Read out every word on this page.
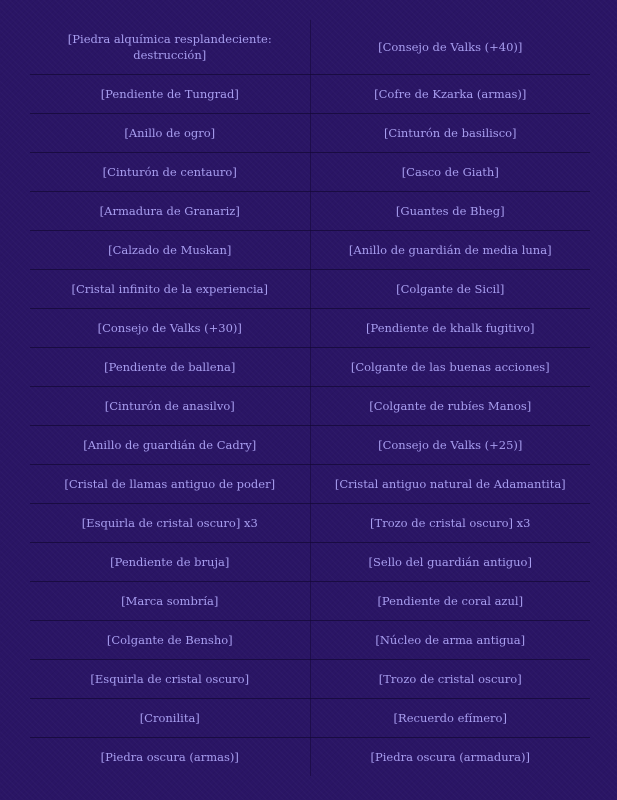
[Piedra alquímica resplandeciente: destrucción]	[Consejo de Valks (+40)]
[Pendiente de Tungrad]	[Cofre de Kzarka (armas)]
[Anillo de ogro]	[Cinturón de basilisco]
[Cinturón de centauro]	[Casco de Giath]
[Armadura de Granariz]	[Guantes de Bheg]
[Calzado de Muskan]	[Anillo de guardián de media luna]
[Cristal infinito de la experiencia]	[Colgante de Sicil]
[Consejo de Valks (+30)]	[Pendiente de khalk fugitivo]
[Pendiente de ballena]	[Colgante de las buenas acciones]
[Cinturón de anasilvo]	[Colgante de rubíes Manos]
[Anillo de guardián de Cadry]	[Consejo de Valks (+25)]
[Cristal de llamas antiguo de poder]	[Cristal antiguo natural de Adamantita]
[Esquirla de cristal oscuro] x3	[Trozo de cristal oscuro] x3
[Pendiente de bruja]	[Sello del guardián antiguo]
[Marca sombría]	[Pendiente de coral azul]
[Colgante de Bensho]	[Núcleo de arma antigua]
[Esquirla de cristal oscuro]	[Trozo de cristal oscuro]
[Cronilita]	[Recuerdo efímero]
[Piedra oscura (armas)]	[Piedra oscura (armadura)]
